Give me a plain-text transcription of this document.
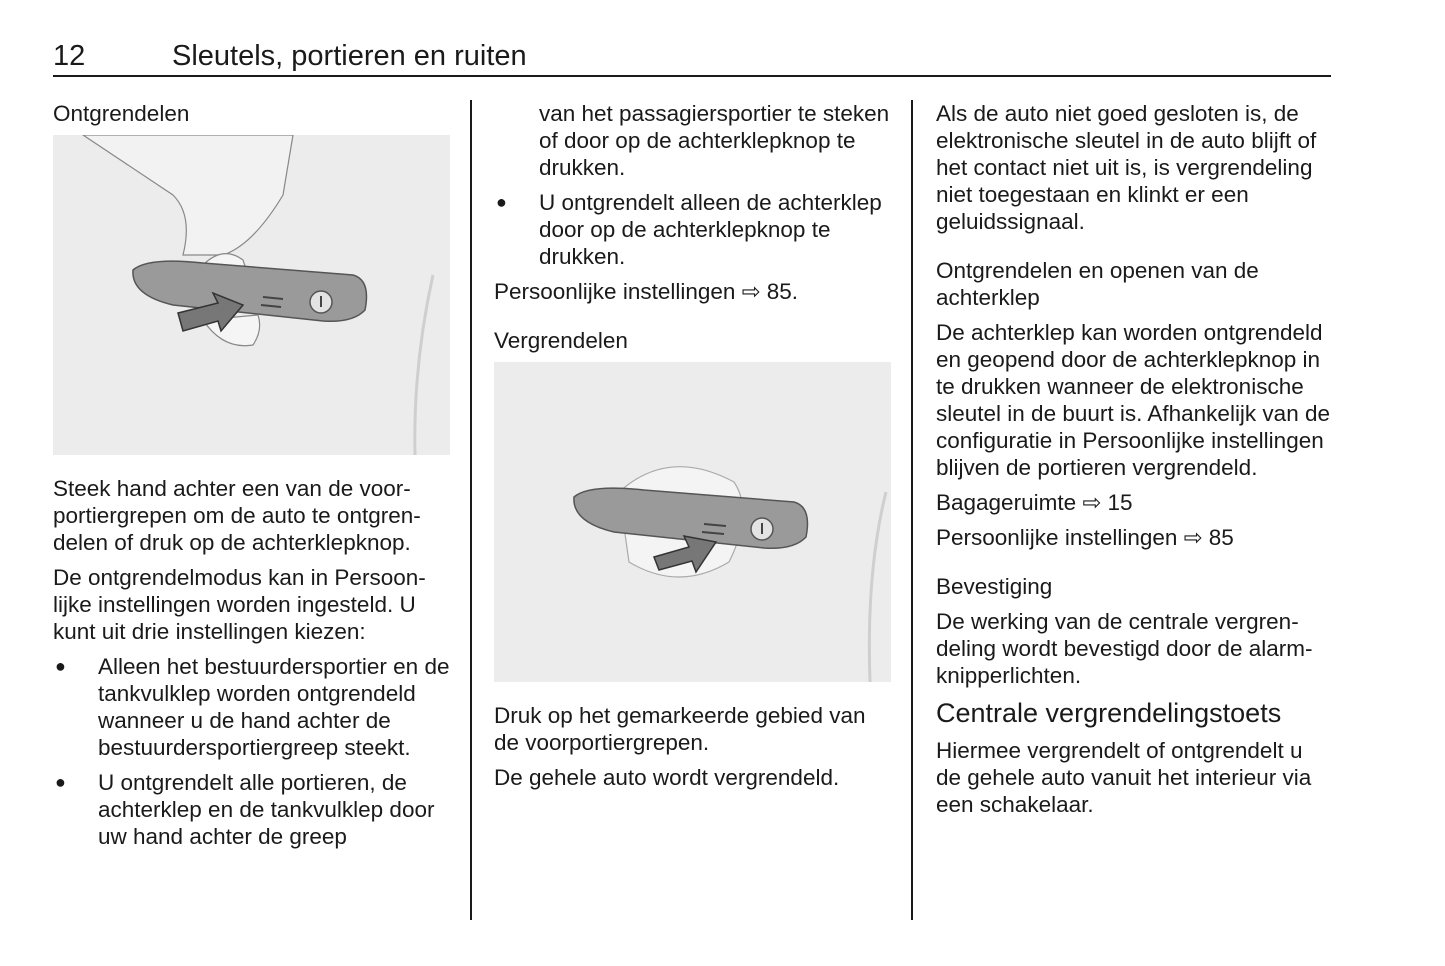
12	Sleutels, portieren en ruiten

Ontgrendelen

Steek hand achter een van de voorportiergrepen om de auto te ontgrendelen of druk op de achterklepknop.

De ontgrendelmodus kan in Persoonlijke instellingen worden ingesteld. U kunt uit drie instellingen kiezen:

● Alleen het bestuurdersportier en de tankvulklep worden ontgrendeld wanneer u de hand achter de bestuurdersportiergreep steekt.
● U ontgrendelt alle portieren, de achterklep en de tankvulklep door uw hand achter de greep

van het passagiersportier te steken of door op de achterklepknop te drukken.

● U ontgrendelt alleen de achterklep door op de achterklepknop te drukken.

Persoonlijke instellingen ⇨ 85.

Vergrendelen

Druk op het gemarkeerde gebied van de voorportiergrepen.

De gehele auto wordt vergrendeld.

Als de auto niet goed gesloten is, de elektronische sleutel in de auto blijft of het contact niet uit is, is vergrendeling niet toegestaan en klinkt er een geluidssignaal.

Ontgrendelen en openen van de achterklep

De achterklep kan worden ontgrendeld en geopend door de achterklepknop in te drukken wanneer de elektronische sleutel in de buurt is. Afhankelijk van de configuratie in Persoonlijke instellingen blijven de portieren vergrendeld.

Bagageruimte ⇨ 15

Persoonlijke instellingen ⇨ 85

Bevestiging

De werking van de centrale vergrendeling wordt bevestigd door de alarmknipperlichten.

Centrale vergrendelingstoets

Hiermee vergrendelt of ontgrendelt u de gehele auto vanuit het interieur via een schakelaar.
